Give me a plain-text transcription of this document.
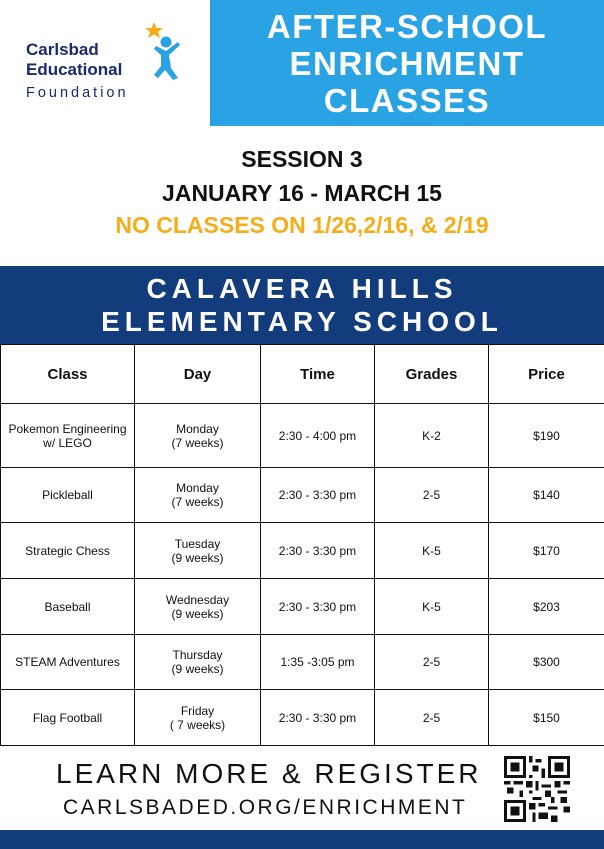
Carlsbad
Educational
Foundation
AFTER-SCHOOL
ENRICHMENT
CLASSES
SESSION 3
JANUARY 16 - MARCH 15
NO CLASSES ON 1/26,2/16, & 2/19
CALAVERA HILLS
ELEMENTARY SCHOOL
Class	Day	Time	Grades	Price

Pokemon Engineering
w/ LEGO	Monday
(7 weeks)	2:30 - 4:00 pm	K-2	$190

Pickleball	Monday
(7 weeks)	2:30 - 3:30 pm	2-5	$140

Strategic Chess	Tuesday
(9 weeks)	2:30 - 3:30 pm	K-5	$170

Baseball	Wednesday
(9 weeks)	2:30 - 3:30 pm	K-5	$203

STEAM Adventures	Thursday
(9 weeks)	1:35 -3:05 pm	2-5	$300

Flag Football	Friday
( 7 weeks)	2:30 - 3:30 pm	2-5	$150
LEARN MORE & REGISTER
CARLSBADED.ORG/ENRICHMENT
